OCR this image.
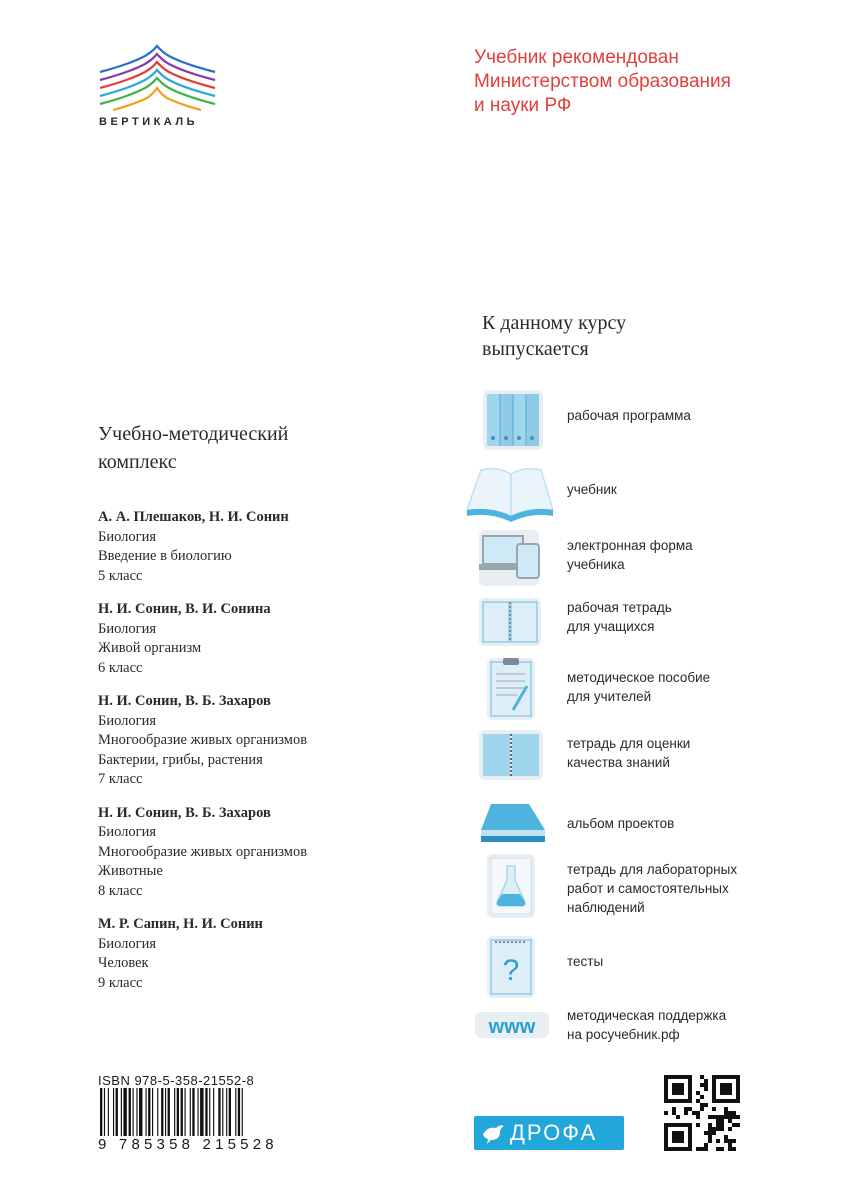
ВЕРТИКАЛЬ
Учебник рекомендован
Министерством образования
и науки РФ
К данному курсу
выпускается
Учебно-методический
комплекс
А. А. Плешаков, Н. И. Сонин
Биология
Введение в биологию
5 класс
Н. И. Сонин, В. И. Сонина
Биология
Живой организм
6 класс
Н. И. Сонин, В. Б. Захаров
Биология
Многообразие живых организмов
Бактерии, грибы, растения
7 класс
Н. И. Сонин, В. Б. Захаров
Биология
Многообразие живых организмов
Животные
8 класс
М. Р. Сапин, Н. И. Сонин
Биология
Человек
9 класс
рабочая программа
учебник
электронная форма
учебника
рабочая тетрадь
для учащихся
методическое пособие
для учителей
тетрадь для оценки
качества знаний
альбом проектов
тетрадь для лабораторных
работ и самостоятельных
наблюдений
?	тесты
www
методическая поддержка
на росучебник.рф
ISBN 978-5-358-21552-8
9 785358 215528	ДРОФА
